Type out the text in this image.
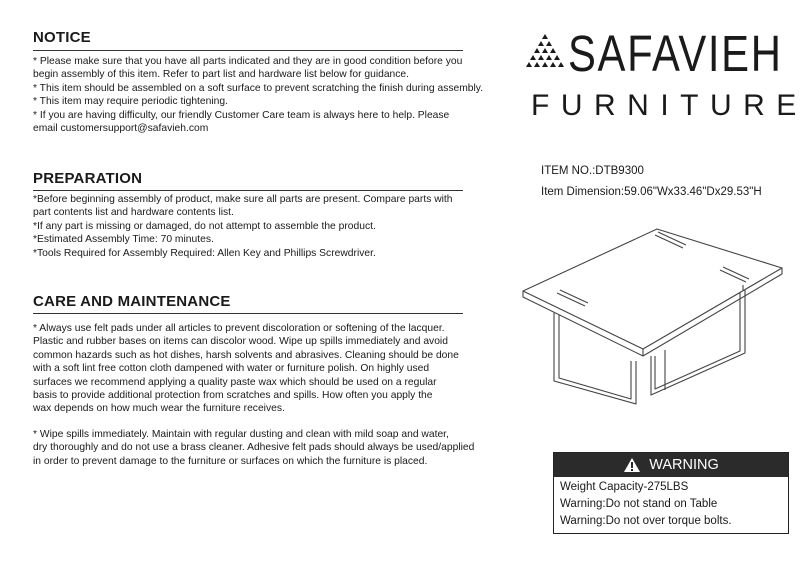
NOTICE
* Please make sure that you have all parts indicated and they are in good condition before you
begin assembly of this item. Refer to part list and hardware list below for guidance.
* This item should be assembled on a soft surface to prevent scratching the finish during assembly.
* This item may require periodic tightening.
* If you are having difficulty, our friendly Customer Care team is always here to help. Please
email customersupport@safavieh.com
PREPARATION
*Before beginning assembly of product, make sure all parts are present. Compare parts with
part contents list and hardware contents list.
*If any part is missing or damaged, do not attempt to assemble the product.
*Estimated Assembly Time: 70 minutes.
*Tools Required for Assembly Required: Allen Key and Phillips Screwdriver.
CARE AND MAINTENANCE
* Always use felt pads under all articles to prevent discoloration or softening of the lacquer.
Plastic and rubber bases on items can discolor wood. Wipe up spills immediately and avoid
common hazards such as hot dishes, harsh solvents and abrasives. Cleaning should be done
with a soft lint free cotton cloth dampened with water or furniture polish. On highly used
surfaces we recommend applying a quality paste wax which should be used on a regular
basis to provide additional protection from scratches and spills. How often you apply the
wax depends on how much wear the furniture receives.
* Wipe spills immediately. Maintain with regular dusting and clean with mild soap and water,
dry thoroughly and do not use a brass cleaner. Adhesive felt pads should always be used/applied
in order to prevent damage to the furniture or surfaces on which the furniture is placed.
SAFAVIEH
FURNITURE
ITEM NO.:DTB9300
Item Dimension:59.06"Wx33.46"Dx29.53"H
WARNING
Weight Capacity-275LBS
Warning:Do not stand on Table
Warning:Do not over torque bolts.
